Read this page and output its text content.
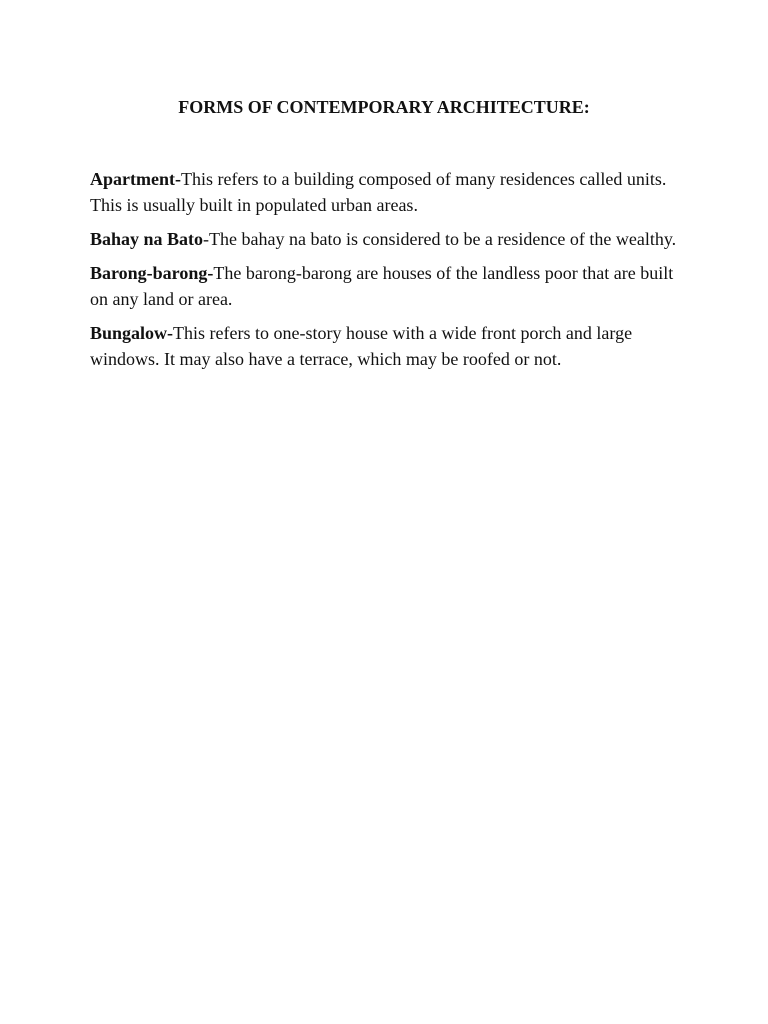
FORMS OF CONTEMPORARY ARCHITECTURE:

Apartment-This refers to a building composed of many residences called units. This is usually built in populated urban areas.

Bahay na Bato-The bahay na bato is considered to be a residence of the wealthy.

Barong-barong-The barong-barong are houses of the landless poor that are built on any land or area.

Bungalow-This refers to one-story house with a wide front porch and large windows. It may also have a terrace, which may be roofed or not.
